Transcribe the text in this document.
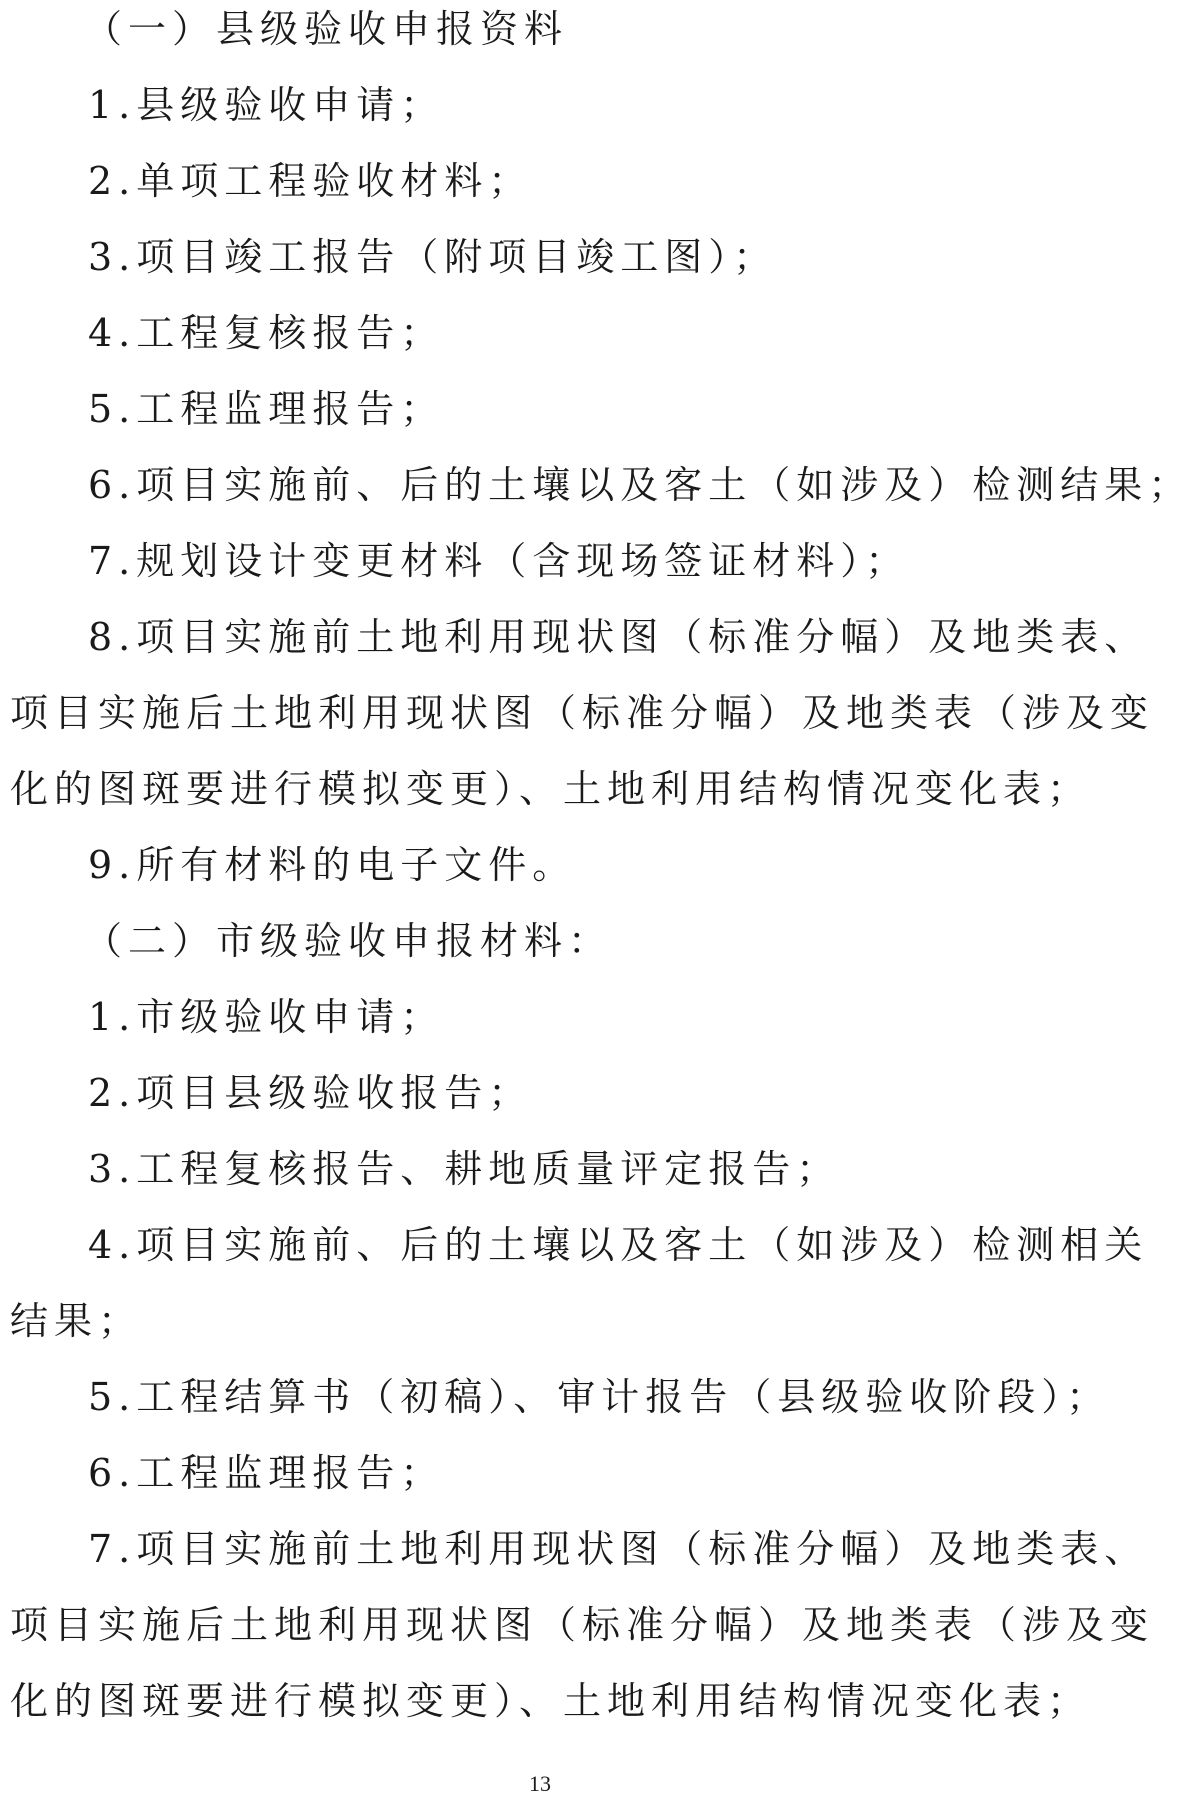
（一）县级验收申报资料
1.县级验收申请；
2.单项工程验收材料；
3.项目竣工报告（附项目竣工图）；
4.工程复核报告；
5.工程监理报告；
6.项目实施前、后的土壤以及客土（如涉及）检测结果；
7.规划设计变更材料（含现场签证材料）；
8.项目实施前土地利用现状图（标准分幅）及地类表、
项目实施后土地利用现状图（标准分幅）及地类表（涉及变
化的图斑要进行模拟变更）、土地利用结构情况变化表；
9.所有材料的电子文件。
（二）市级验收申报材料：
1.市级验收申请；
2.项目县级验收报告；
3.工程复核报告、耕地质量评定报告；
4.项目实施前、后的土壤以及客土（如涉及）检测相关
结果；
5.工程结算书（初稿）、审计报告（县级验收阶段）；
6.工程监理报告；
7.项目实施前土地利用现状图（标准分幅）及地类表、
项目实施后土地利用现状图（标准分幅）及地类表（涉及变
化的图斑要进行模拟变更）、土地利用结构情况变化表；
13
